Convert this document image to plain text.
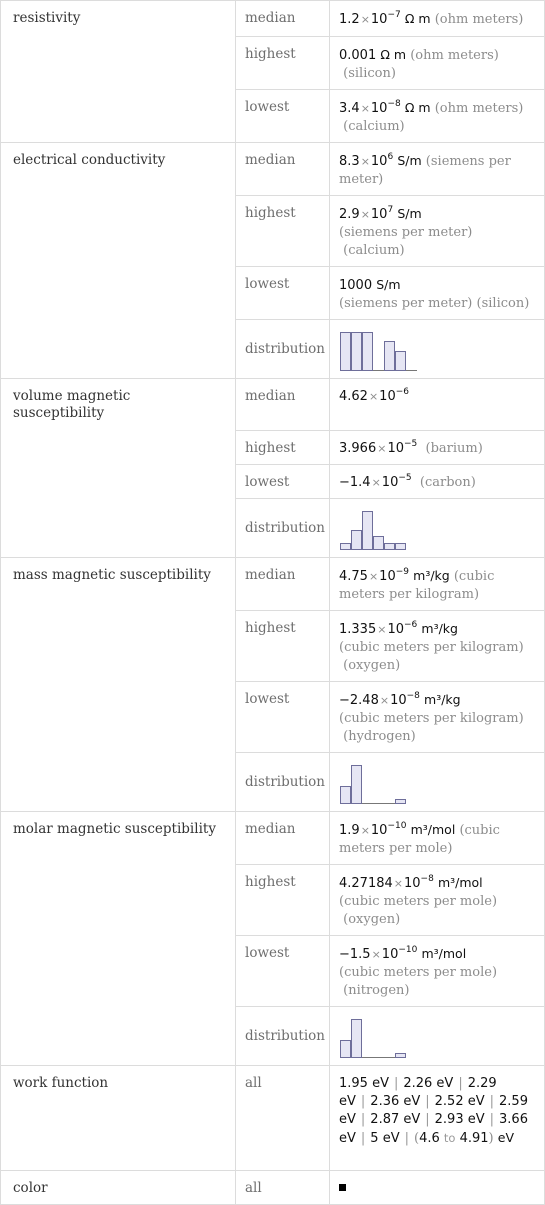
resistivity	median	$1.2\times 10^{-7}$ Ω m (ohm meters)
	highest	0.001 Ω m (ohm meters)
(silicon)
	lowest	$3.4\times 10^{-8}$ Ω m (ohm meters)
(calcium)
electrical conductivity	median	$8.3\times 10^6$ S/m (siemens per meter)
	highest	$2.9\times 10^7$ S/m
(siemens per meter)
(calcium)
	lowest	1000 S/m
(siemens per meter) (silicon)
	distribution	

volume magnetic susceptibility	median	$4.62\times 10^{-6}$
	highest	$3.966\times 10^{-5}$ (barium)
	lowest	$-1.4\times 10^{-5}$ (carbon)
	distribution	

mass magnetic susceptibility	median	$4.75\times 10^{-9}$ m³/kg (cubic meters per kilogram)
	highest	$1.335\times 10^{-6}$ m³/kg
(cubic meters per kilogram)
(oxygen)
	lowest	$-2.48\times 10^{-8}$ m³/kg
(cubic meters per kilogram)
(hydrogen)
	distribution	

molar magnetic susceptibility	median	$1.9\times 10^{-10}$ m³/mol (cubic meters per mole)
	highest	$4.27184\times 10^{-8}$ m³/mol
(cubic meters per mole)
(oxygen)
	lowest	$-1.5\times 10^{-10}$ m³/mol
(cubic meters per mole)
(nitrogen)
	distribution	

work function	all	1.95 eV | 2.26 eV | 2.29 eV | 2.36 eV | 2.52 eV | 2.59 eV | 2.87 eV | 2.93 eV | 3.66 eV | 5 eV | (4.6 to 4.91) eV
color	all	
